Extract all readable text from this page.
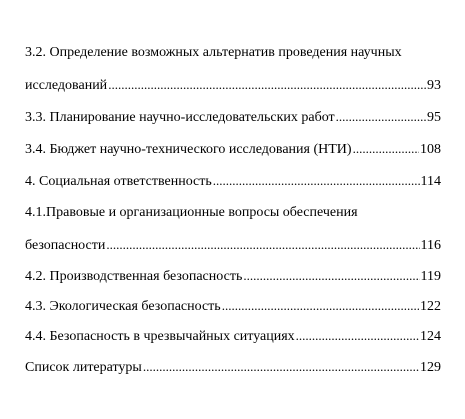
3.2. Определение возможных альтернатив проведения научных
исследований .....	93
3.3. Планирование научно-исследовательских работ .....	95
3.4. Бюджет научно-технического исследования (НТИ) .....	108
4. Социальная ответственность .....	114
4.1.Правовые и организационные вопросы обеспечения
безопасности .....	116
4.2. Производственная безопасность .....	119
4.3. Экологическая безопасность .....	122
4.4. Безопасность в чрезвычайных ситуациях .....	124
Список литературы .....	129
